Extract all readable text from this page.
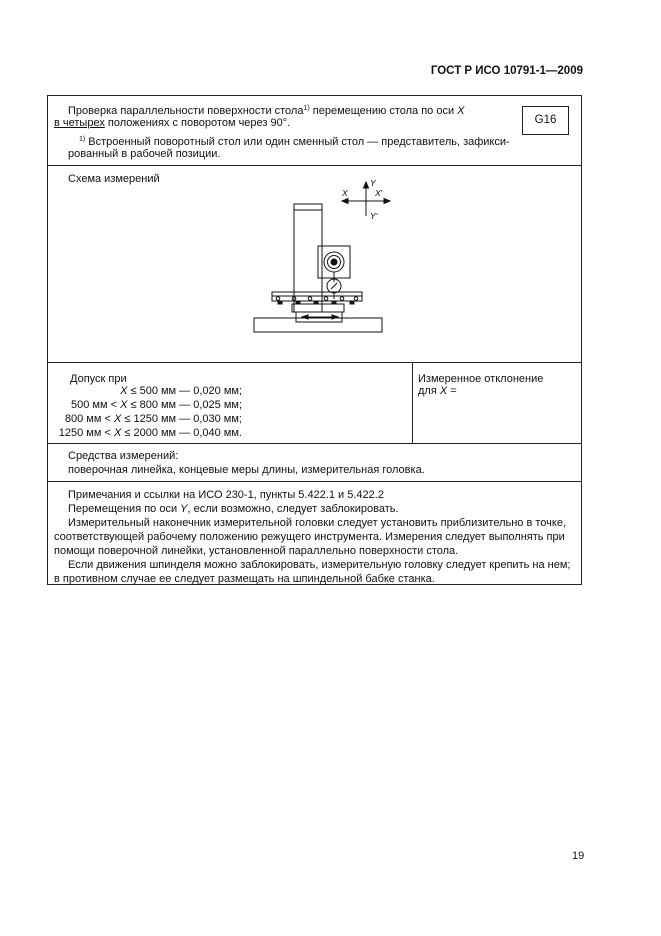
ГОСТ Р ИСО 10791-1—2009
Проверка параллельности поверхности стола$^{1)}$ перемещению стола по оси X
в четырех положениях с поворотом через 90°.	G16
$^{1)}$ Встроенный поворотный стол или один сменный стол — представитель, зафикси-
рованный в рабочей позиции.
Схема измерений
X	X'
Y
Y'
Допуск при
X ≤ 500 мм — 0,020 мм;
500 мм < X ≤ 800 мм — 0,025 мм;
800 мм < X ≤ 1250 мм — 0,030 мм;
1250 мм < X ≤ 2000 мм — 0,040 мм.
Измеренное отклонение
для X =
Средства измерений:
поверочная линейка, концевые меры длины, измерительная головка.
Примечания и ссылки на ИСО 230-1, пункты 5.422.1 и 5.422.2
Перемещения по оси Y, если возможно, следует заблокировать.
Измерительный наконечник измерительной головки следует установить приблизительно в точке,
соответствующей рабочему положению режущего инструмента. Измерения следует выполнять при
помощи поверочной линейки, установленной параллельно поверхности стола.
Если движения шпинделя можно заблокировать, измерительную головку следует крепить на нем;
в противном случае ее следует размещать на шпиндельной бабке станка.
19
